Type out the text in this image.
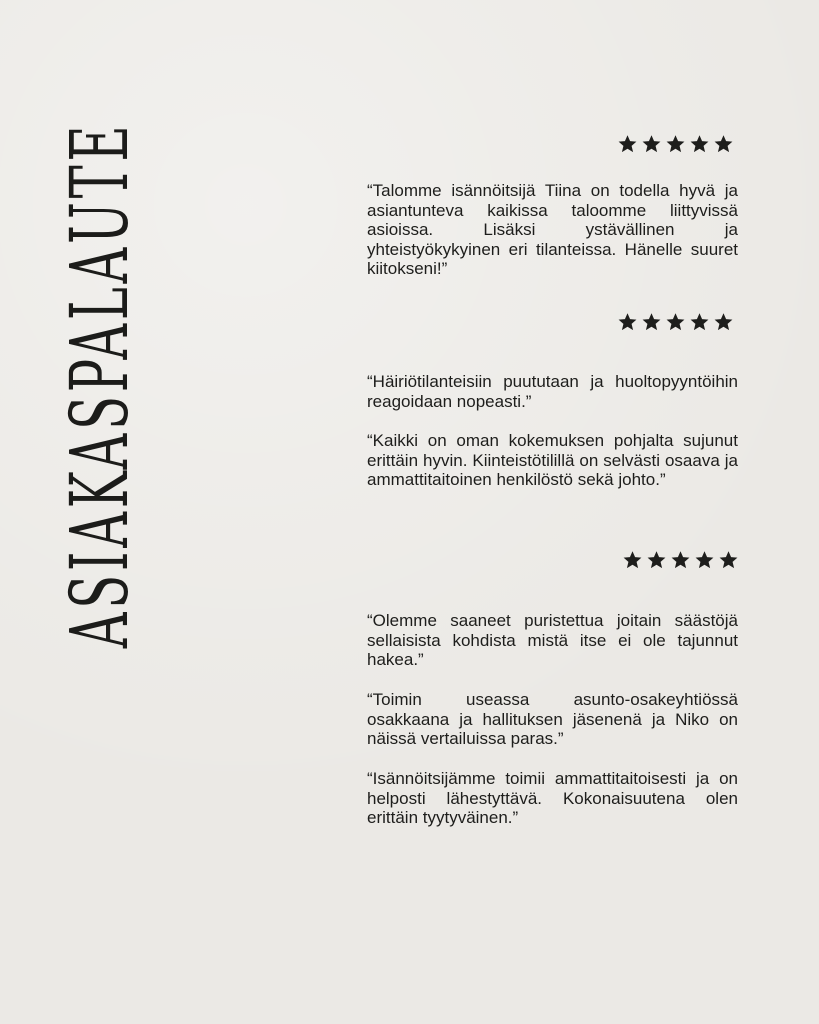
ASIAKASPALAUTE	“Talomme isännöitsijä Tiina on todella hyvä ja asiantunteva kaikissa taloomme liittyvissä asioissa. Lisäksi ystävällinen ja yhteistyökykyinen eri tilanteissa. Hänelle suuret kiitokseni!”

“Häiriötilanteisiin puututaan ja huoltopyyntöihin reagoidaan nopeasti.”

“Kaikki on oman kokemuksen pohjalta sujunut erittäin hyvin. Kiinteistötilillä on selvästi osaava ja ammattitaitoinen henkilöstö sekä johto.”

“Olemme saaneet puristettua joitain säästöjä sellaisista kohdista mistä itse ei ole tajunnut hakea.”

“Toimin useassa asunto-osakeyhtiössä osakkaana ja hallituksen jäsenenä ja Niko on näissä vertailuissa paras.”

“Isännöitsijämme toimii ammattitaitoisesti ja on helposti lähestyttävä. Kokonaisuutena olen erittäin tyytyväinen.”
